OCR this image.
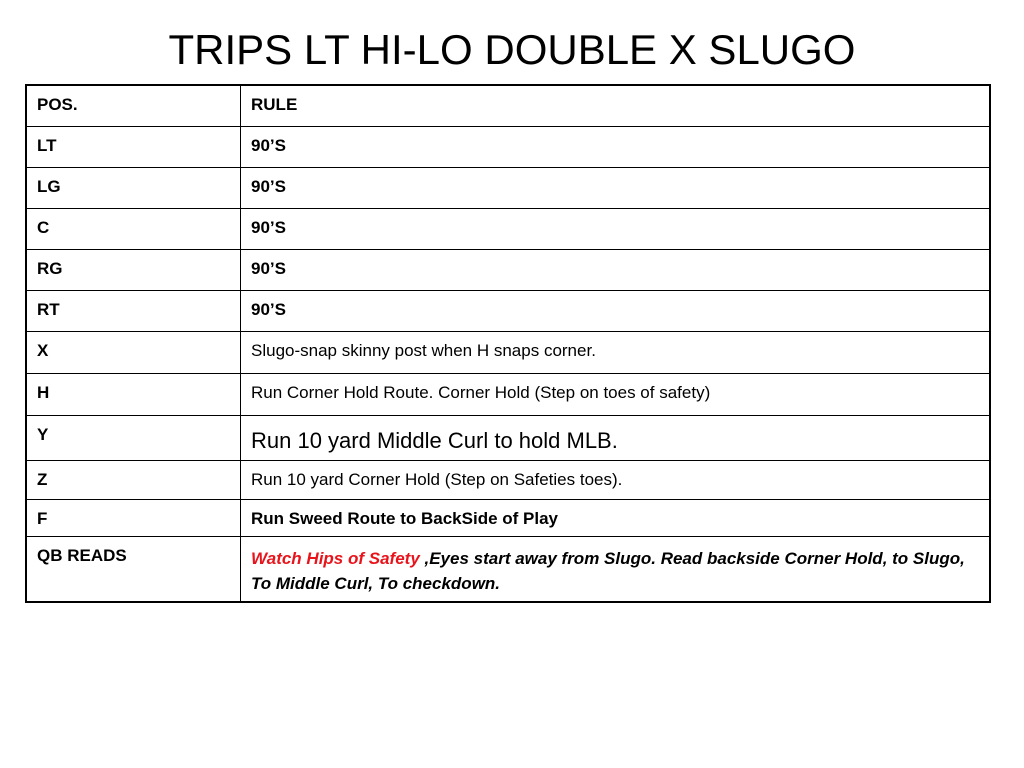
TRIPS LT HI-LO DOUBLE X SLUGO
POS.	RULE
LT	90’S
LG	90’S
C	90’S
RG	90’S
RT	90’S
X	Slugo-snap skinny post when H snaps corner.
H	Run Corner Hold Route. Corner Hold (Step on toes of safety)
Y	Run 10 yard Middle Curl to hold MLB.
Z	Run 10 yard Corner Hold (Step on Safeties toes).
F	Run Sweed Route to BackSide of Play
QB READS	Watch Hips of Safety ,Eyes start away from Slugo. Read backside Corner Hold, to Slugo, To Middle Curl, To checkdown.
